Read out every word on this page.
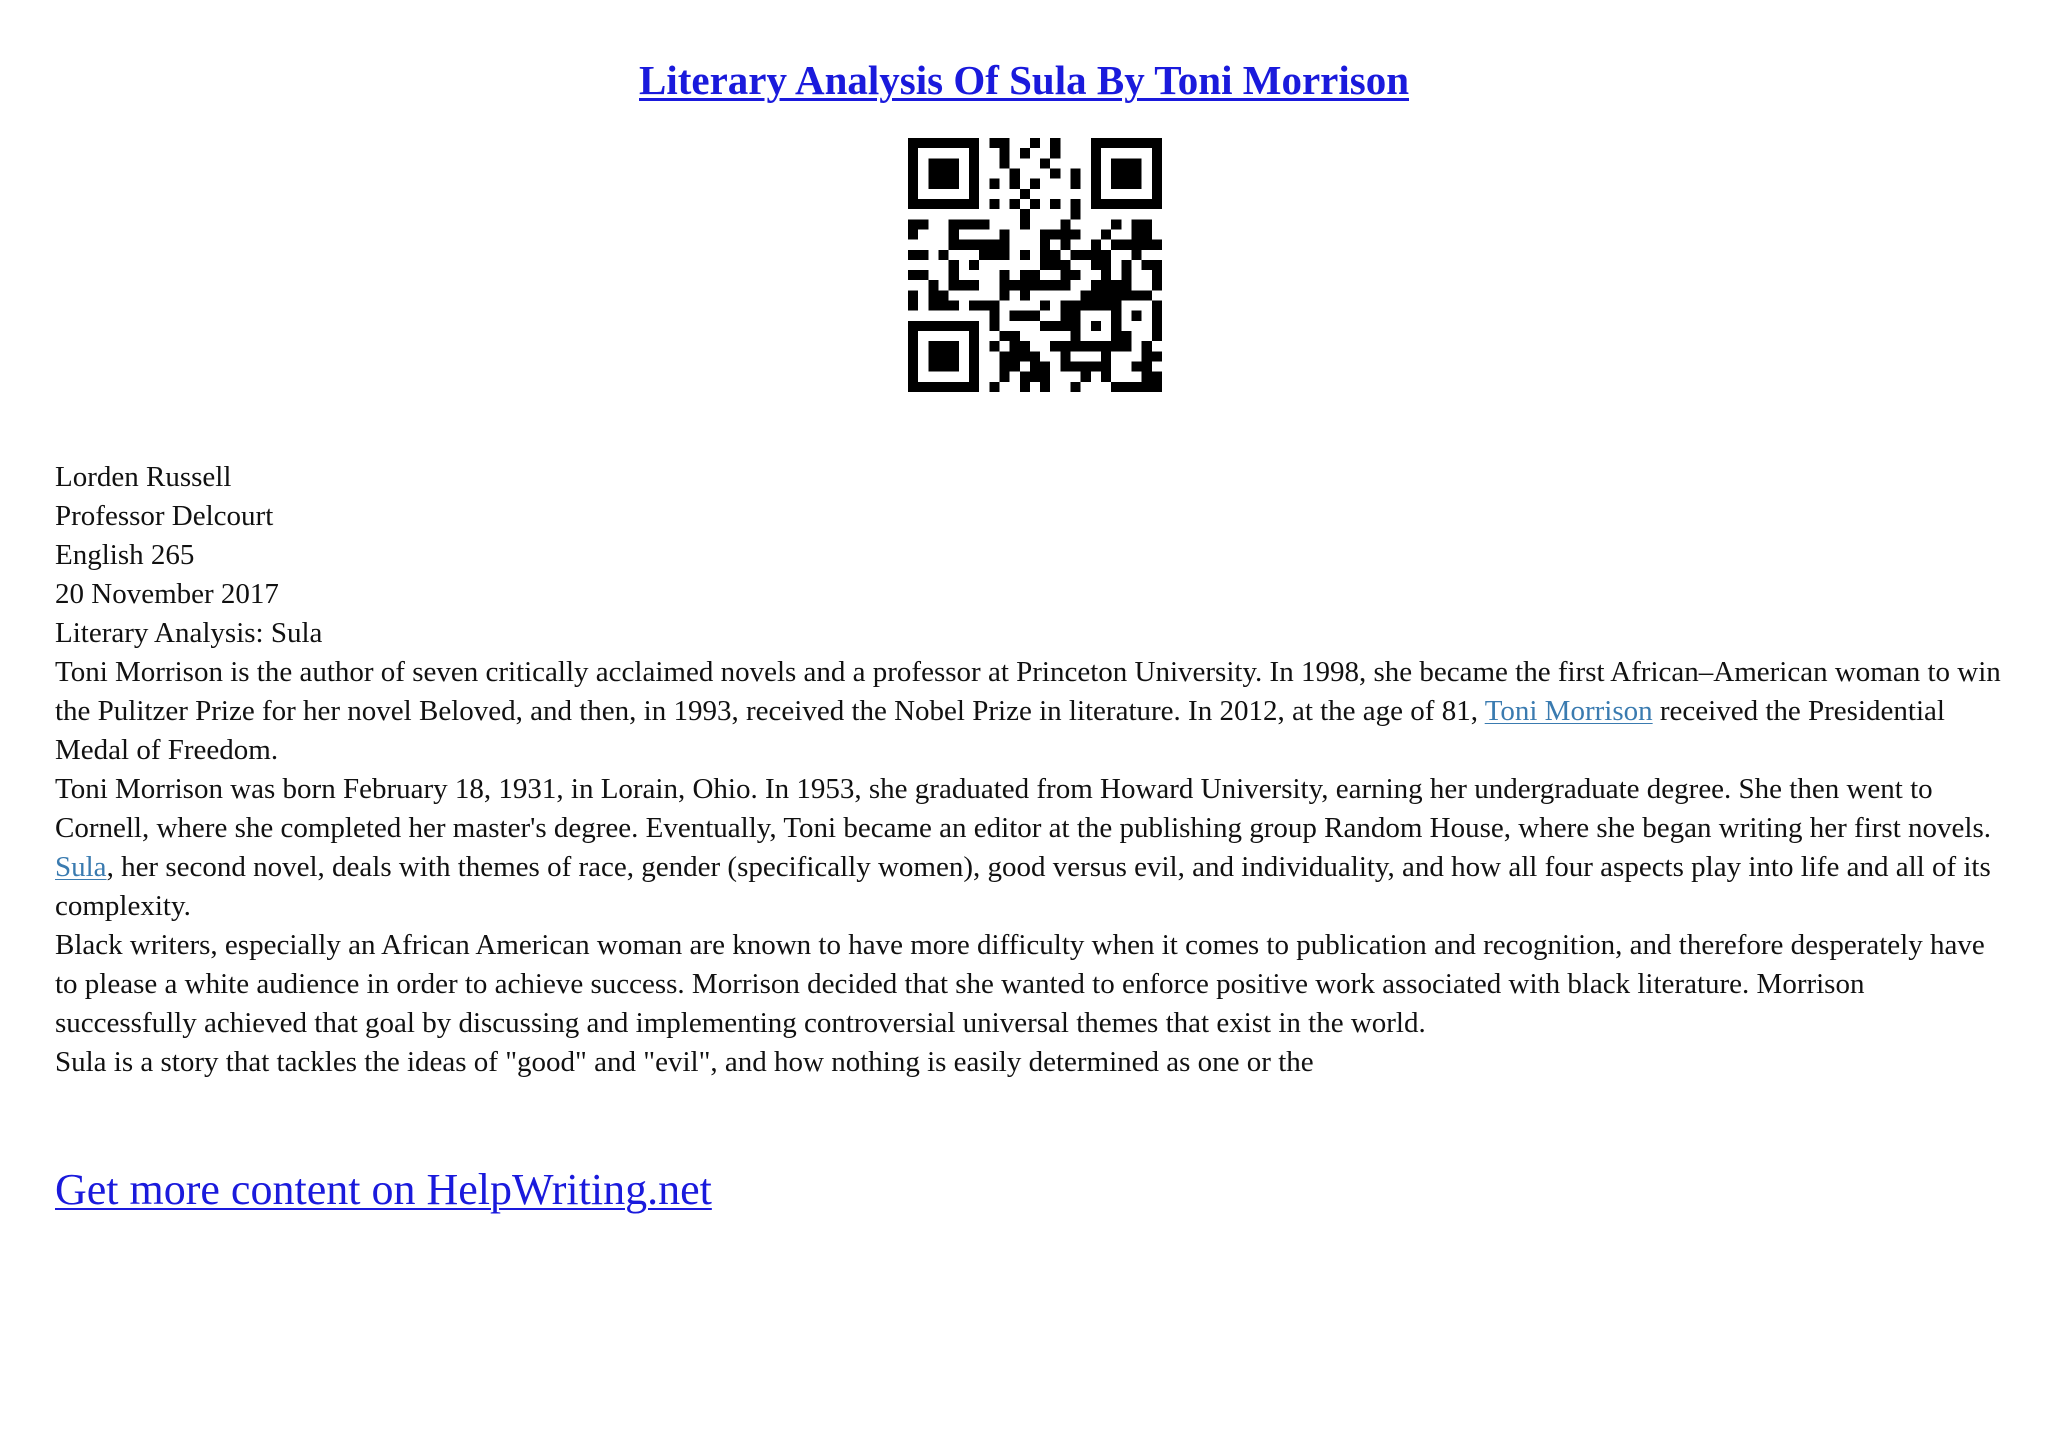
Literary Analysis Of Sula By Toni Morrison

Lorden Russell

Professor Delcourt

English 265

20 November 2017

Literary Analysis: Sula

Toni Morrison is the author of seven critically acclaimed novels and a professor at Princeton University. In 1998, she became the first African–American woman to win the Pulitzer Prize for her novel Beloved, and then, in 1993, received the Nobel Prize in literature. In 2012, at the age of 81, Toni Morrison received the Presidential Medal of Freedom.

Toni Morrison was born February 18, 1931, in Lorain, Ohio. In 1953, she graduated from Howard University, earning her undergraduate degree. She then went to Cornell, where she completed her master's degree. Eventually, Toni became an editor at the publishing group Random House, where she began writing her first novels. Sula, her second novel, deals with themes of race, gender (specifically women), good versus evil, and individuality, and how all four aspects play into life and all of its complexity.

Black writers, especially an African American woman are known to have more difficulty when it comes to publication and recognition, and therefore desperately have to please a white audience in order to achieve success. Morrison decided that she wanted to enforce positive work associated with black literature. Morrison successfully achieved that goal by discussing and implementing controversial universal themes that exist in the world.

Sula is a story that tackles the ideas of "good" and "evil", and how nothing is easily determined as one or the

Get more content on HelpWriting.net
